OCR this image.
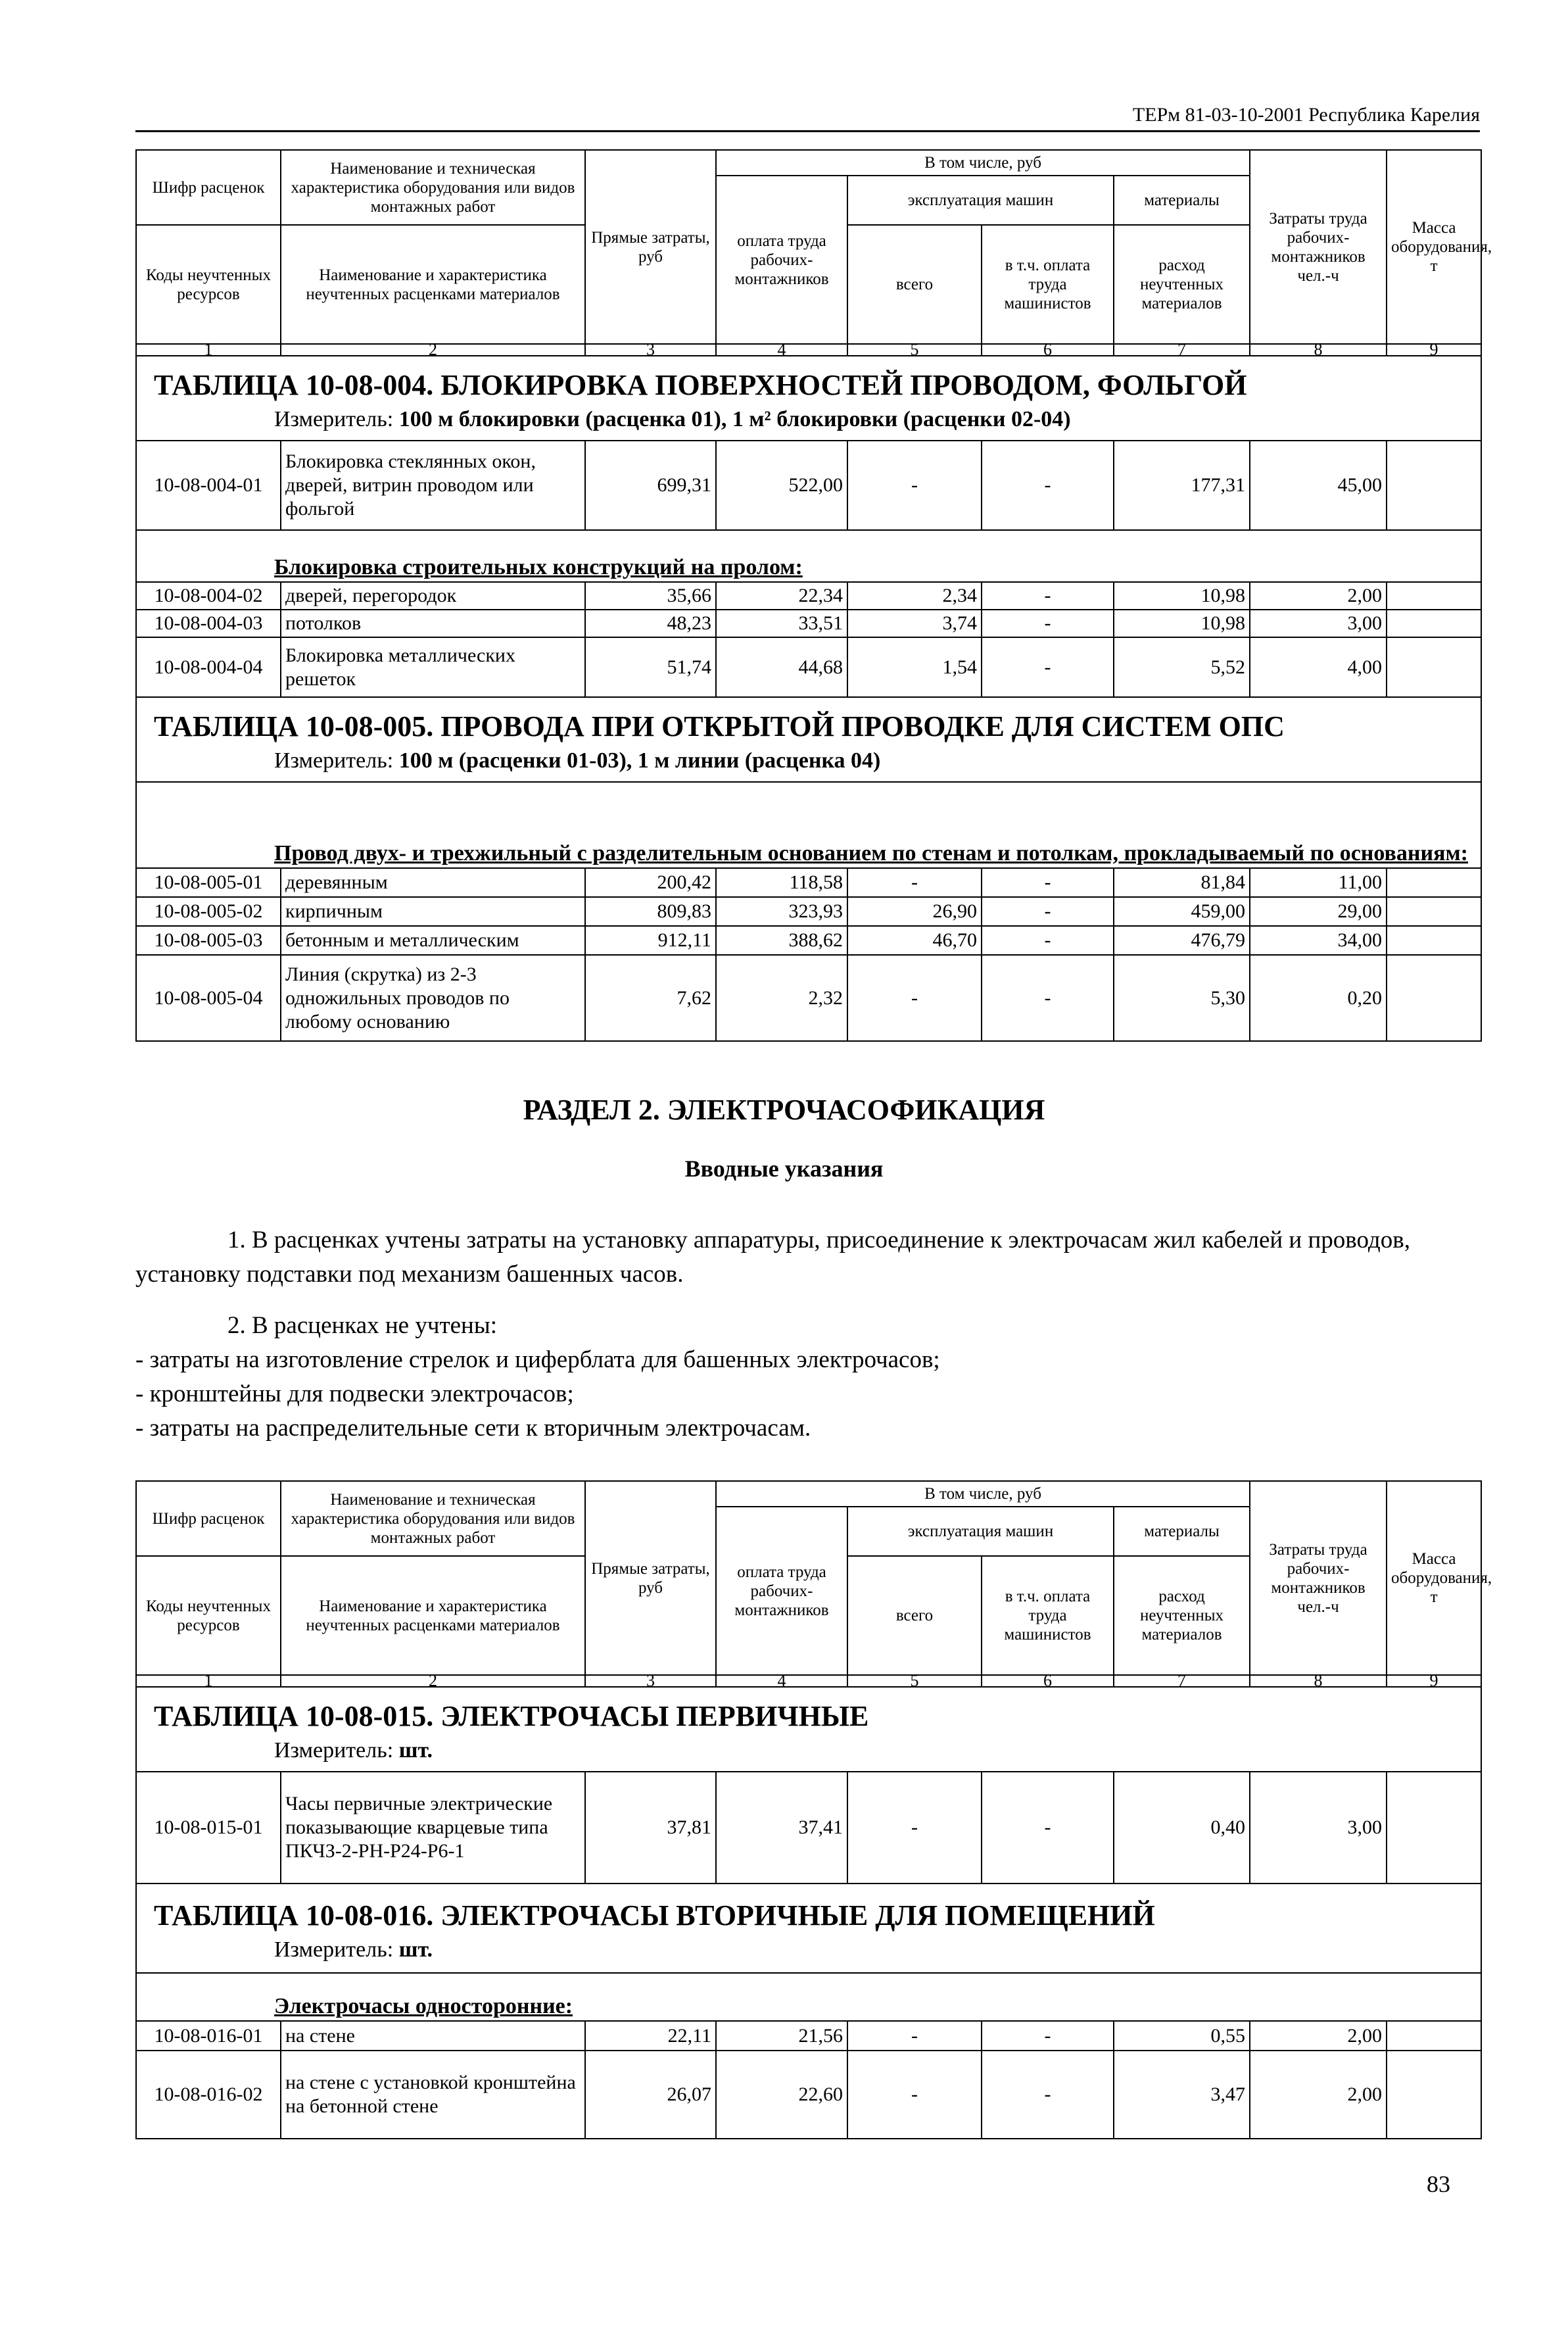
ТЕРм 81-03-10-2001 Республика Карелия
Шифр расценок	Наименование и техническая характеристика оборудования или видов монтажных работ	Прямые затраты, руб	В том числе, руб				Затраты труда рабочих-монтажников чел.-ч	Масса оборудования, т
			оплата труда рабочих-монтажников	эксплуатация машин		материалы		
Коды неучтенных ресурсов	Наименование и характеристика неучтенных расценками материалов			всего	в т.ч. оплата труда машинистов	расход неучтенных материалов		
1	2	3	4	5	6	7	8	9

ТАБЛИЦА 10-08-004. БЛОКИРОВКА ПОВЕРХНОСТЕЙ ПРОВОДОМ, ФОЛЬГОЙ
Измеритель: 100 м блокировки (расценка 01), 1 м² блокировки (расценки 02-04)								

10-08-004-01	Блокировка стеклянных окон, дверей, витрин проводом или фольгой	699,31	522,00	-	-	177,31	45,00	
Блокировка строительных конструкций на пролом:								
10-08-004-02	дверей, перегородок	35,66	22,34	2,34	-	10,98	2,00	
10-08-004-03	потолков	48,23	33,51	3,74	-	10,98	3,00	
10-08-004-04	Блокировка металлических решеток	51,74	44,68	1,54	-	5,52	4,00	

ТАБЛИЦА 10-08-005. ПРОВОДА ПРИ ОТКРЫТОЙ ПРОВОДКЕ ДЛЯ СИСТЕМ ОПС
Измеритель: 100 м (расценки 01-03), 1 м линии (расценка 04)								

Провод двух- и трехжильный с разделительным основанием по стенам и потолкам, прокладываемый по основаниям:								
10-08-005-01	деревянным	200,42	118,58	-	-	81,84	11,00	
10-08-005-02	кирпичным	809,83	323,93	26,90	-	459,00	29,00	
10-08-005-03	бетонным и металлическим	912,11	388,62	46,70	-	476,79	34,00	
10-08-005-04	Линия (скрутка) из 2-3 одножильных проводов по любому основанию	7,62	2,32	-	-	5,30	0,20	
РАЗДЕЛ 2. ЭЛЕКТРОЧАСОФИКАЦИЯ
Вводные указания
1. В расценках учтены затраты на установку аппаратуры, присоединение к электрочасам жил кабелей и проводов, установку подставки под механизм башенных часов.
2. В расценках не учтены:
- затраты на изготовление стрелок и циферблата для башенных электрочасов;
- кронштейны для подвески электрочасов;
- затраты на распределительные сети к вторичным электрочасам.
Шифр расценок	Наименование и техническая характеристика оборудования или видов монтажных работ	Прямые затраты, руб	В том числе, руб				Затраты труда рабочих-монтажников чел.-ч	Масса оборудования, т
			оплата труда рабочих-монтажников	эксплуатация машин		материалы		
Коды неучтенных ресурсов	Наименование и характеристика неучтенных расценками материалов			всего	в т.ч. оплата труда машинистов	расход неучтенных материалов		
1	2	3	4	5	6	7	8	9

ТАБЛИЦА 10-08-015. ЭЛЕКТРОЧАСЫ ПЕРВИЧНЫЕ
Измеритель: шт.								

10-08-015-01	Часы первичные электрические показывающие кварцевые типа ПКЧЗ-2-РН-Р24-Р6-1	37,81	37,41	-	-	0,40	3,00	

ТАБЛИЦА 10-08-016. ЭЛЕКТРОЧАСЫ ВТОРИЧНЫЕ ДЛЯ ПОМЕЩЕНИЙ
Измеритель: шт.								

Электрочасы односторонние:								
10-08-016-01	на стене	22,11	21,56	-	-	0,55	2,00	
10-08-016-02	на стене с установкой кронштейна на бетонной стене	26,07	22,60	-	-	3,47	2,00	
83
